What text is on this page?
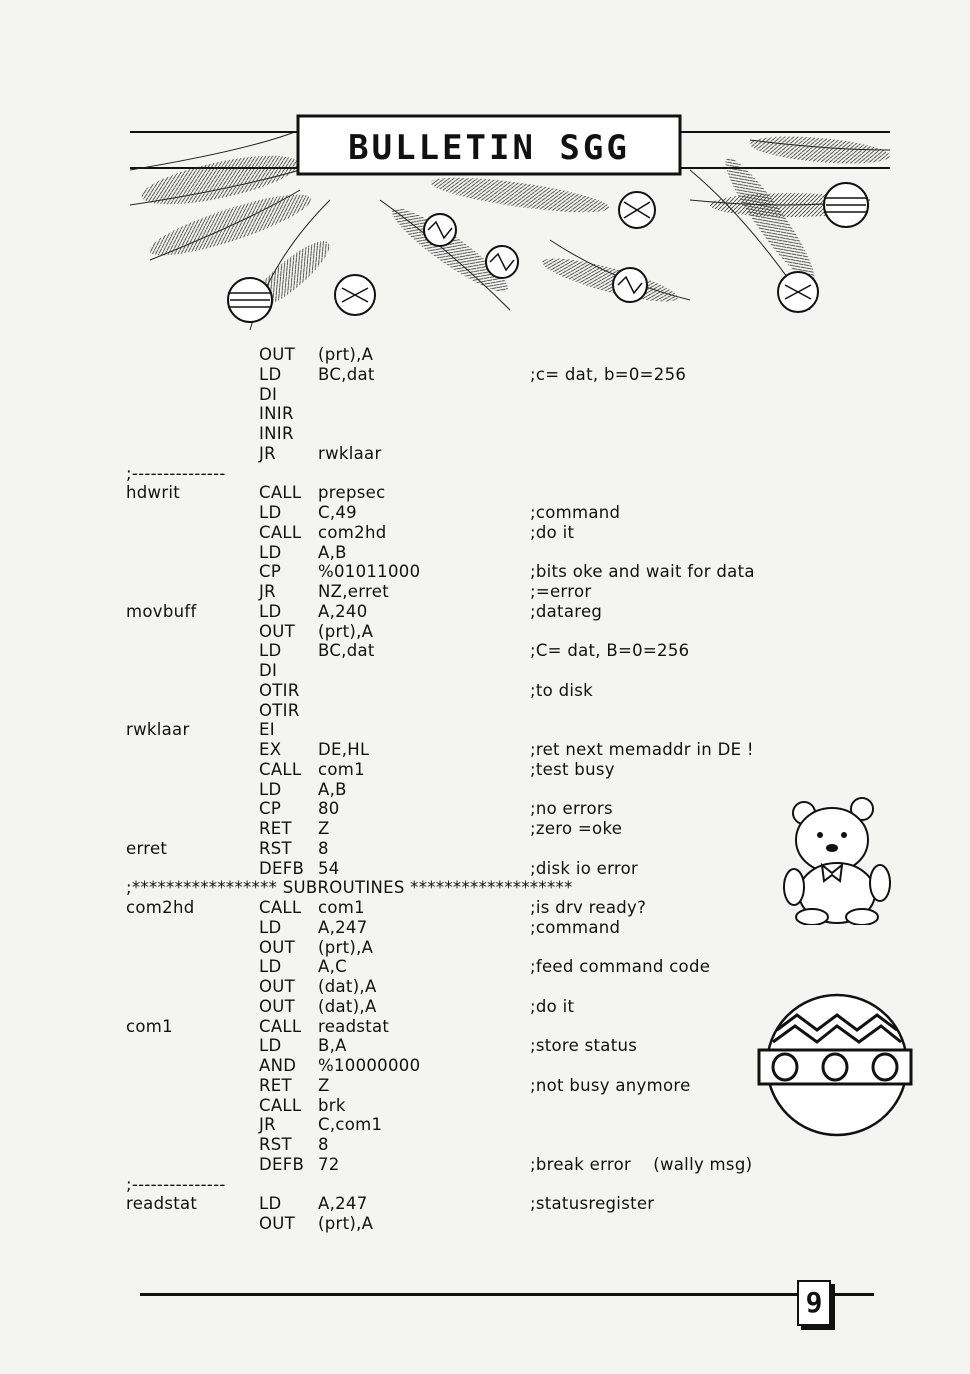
BULLETIN SGG
OUT (prt),A
LD BC,dat	;c= dat, b=0=256
DI
INIR
INIR
JR	rwklaar
;---------------
hdwrit	CALL prepsec
LD C,49	;command
CALL com2hd	;do it
LD A,B
CP %01011000	;bits oke and wait for data
JR	NZ,erret	;=error
movbuff	LD A,240	;datareg
OUT (prt),A
LD BC,dat	;C= dat, B=0=256
DI
OTIR	;to disk
OTIR
rwklaar	EI
EX DE,HL	;ret next memaddr in DE !
CALL com1	;test busy
LD A,B
CP 80	;no errors
RET Z	;zero =oke
erret	RST 8
DEFB 54	;disk io error
;***************** SUBROUTINES *******************
com2hd	CALL com1	;is drv ready?
LD A,247	;command
OUT (prt),A
LD A,C	;feed command code
OUT (dat),A
OUT (dat),A	;do it
com1	CALL readstat
LD B,A	;store status
AND %10000000
RET Z	;not busy anymore
CALL brk
JR	C,com1
RST 8
DEFB 72	;break error    (wally msg)
;---------------
readstat	LD A,247	;statusregister
OUT (prt),A
9
